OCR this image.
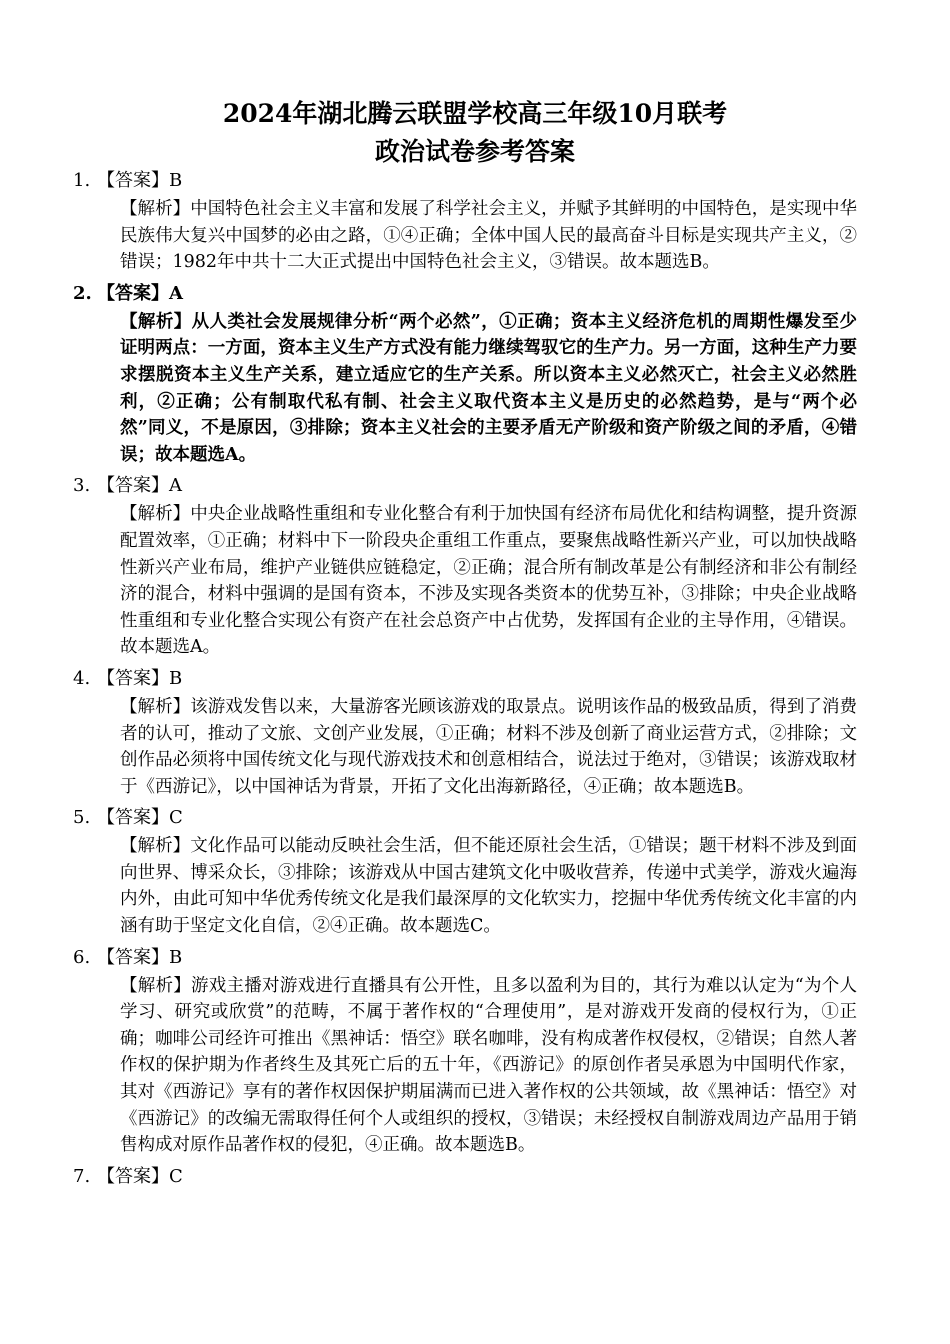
2024年湖北腾云联盟学校高三年级10月联考
政治试卷参考答案
1. 【答案】B
【解析】中国特色社会主义丰富和发展了科学社会主义，并赋予其鲜明的中国特色，是实现中华民族伟大复兴中国梦的必由之路，①④正确；全体中国人民的最高奋斗目标是实现共产主义，②错误；1982年中共十二大正式提出中国特色社会主义，③错误。故本题选B。
2. 【答案】A
【解析】从人类社会发展规律分析“两个必然”，①正确；资本主义经济危机的周期性爆发至少证明两点：一方面，资本主义生产方式没有能力继续驾驭它的生产力。另一方面，这种生产力要求摆脱资本主义生产关系，建立适应它的生产关系。所以资本主义必然灭亡，社会主义必然胜利，②正确；公有制取代私有制、社会主义取代资本主义是历史的必然趋势，是与“两个必然”同义，不是原因，③排除；资本主义社会的主要矛盾无产阶级和资产阶级之间的矛盾，④错误；故本题选A。
3. 【答案】A
【解析】中央企业战略性重组和专业化整合有利于加快国有经济布局优化和结构调整，提升资源配置效率，①正确；材料中下一阶段央企重组工作重点，要聚焦战略性新兴产业，可以加快战略性新兴产业布局，维护产业链供应链稳定，②正确；混合所有制改革是公有制经济和非公有制经济的混合，材料中强调的是国有资本，不涉及实现各类资本的优势互补，③排除；中央企业战略性重组和专业化整合实现公有资产在社会总资产中占优势，发挥国有企业的主导作用，④错误。故本题选A。
4. 【答案】B
【解析】该游戏发售以来，大量游客光顾该游戏的取景点。说明该作品的极致品质，得到了消费者的认可，推动了文旅、文创产业发展，①正确；材料不涉及创新了商业运营方式，②排除；文创作品必须将中国传统文化与现代游戏技术和创意相结合，说法过于绝对，③错误；该游戏取材于《西游记》，以中国神话为背景，开拓了文化出海新路径，④正确；故本题选B。
5. 【答案】C
【解析】文化作品可以能动反映社会生活，但不能还原社会生活，①错误；题干材料不涉及到面向世界、博采众长，③排除；该游戏从中国古建筑文化中吸收营养，传递中式美学，游戏火遍海内外，由此可知中华优秀传统文化是我们最深厚的文化软实力，挖掘中华优秀传统文化丰富的内涵有助于坚定文化自信，②④正确。故本题选C。
6. 【答案】B
【解析】游戏主播对游戏进行直播具有公开性，且多以盈利为目的，其行为难以认定为“为个人学习、研究或欣赏”的范畴，不属于著作权的“合理使用”，是对游戏开发商的侵权行为，①正确；咖啡公司经许可推出《黑神话：悟空》联名咖啡，没有构成著作权侵权，②错误；自然人著作权的保护期为作者终生及其死亡后的五十年，《西游记》的原创作者吴承恩为中国明代作家，其对《西游记》享有的著作权因保护期届满而已进入著作权的公共领域，故《黑神话：悟空》对《西游记》的改编无需取得任何个人或组织的授权，③错误；未经授权自制游戏周边产品用于销售构成对原作品著作权的侵犯，④正确。故本题选B。
7. 【答案】C
